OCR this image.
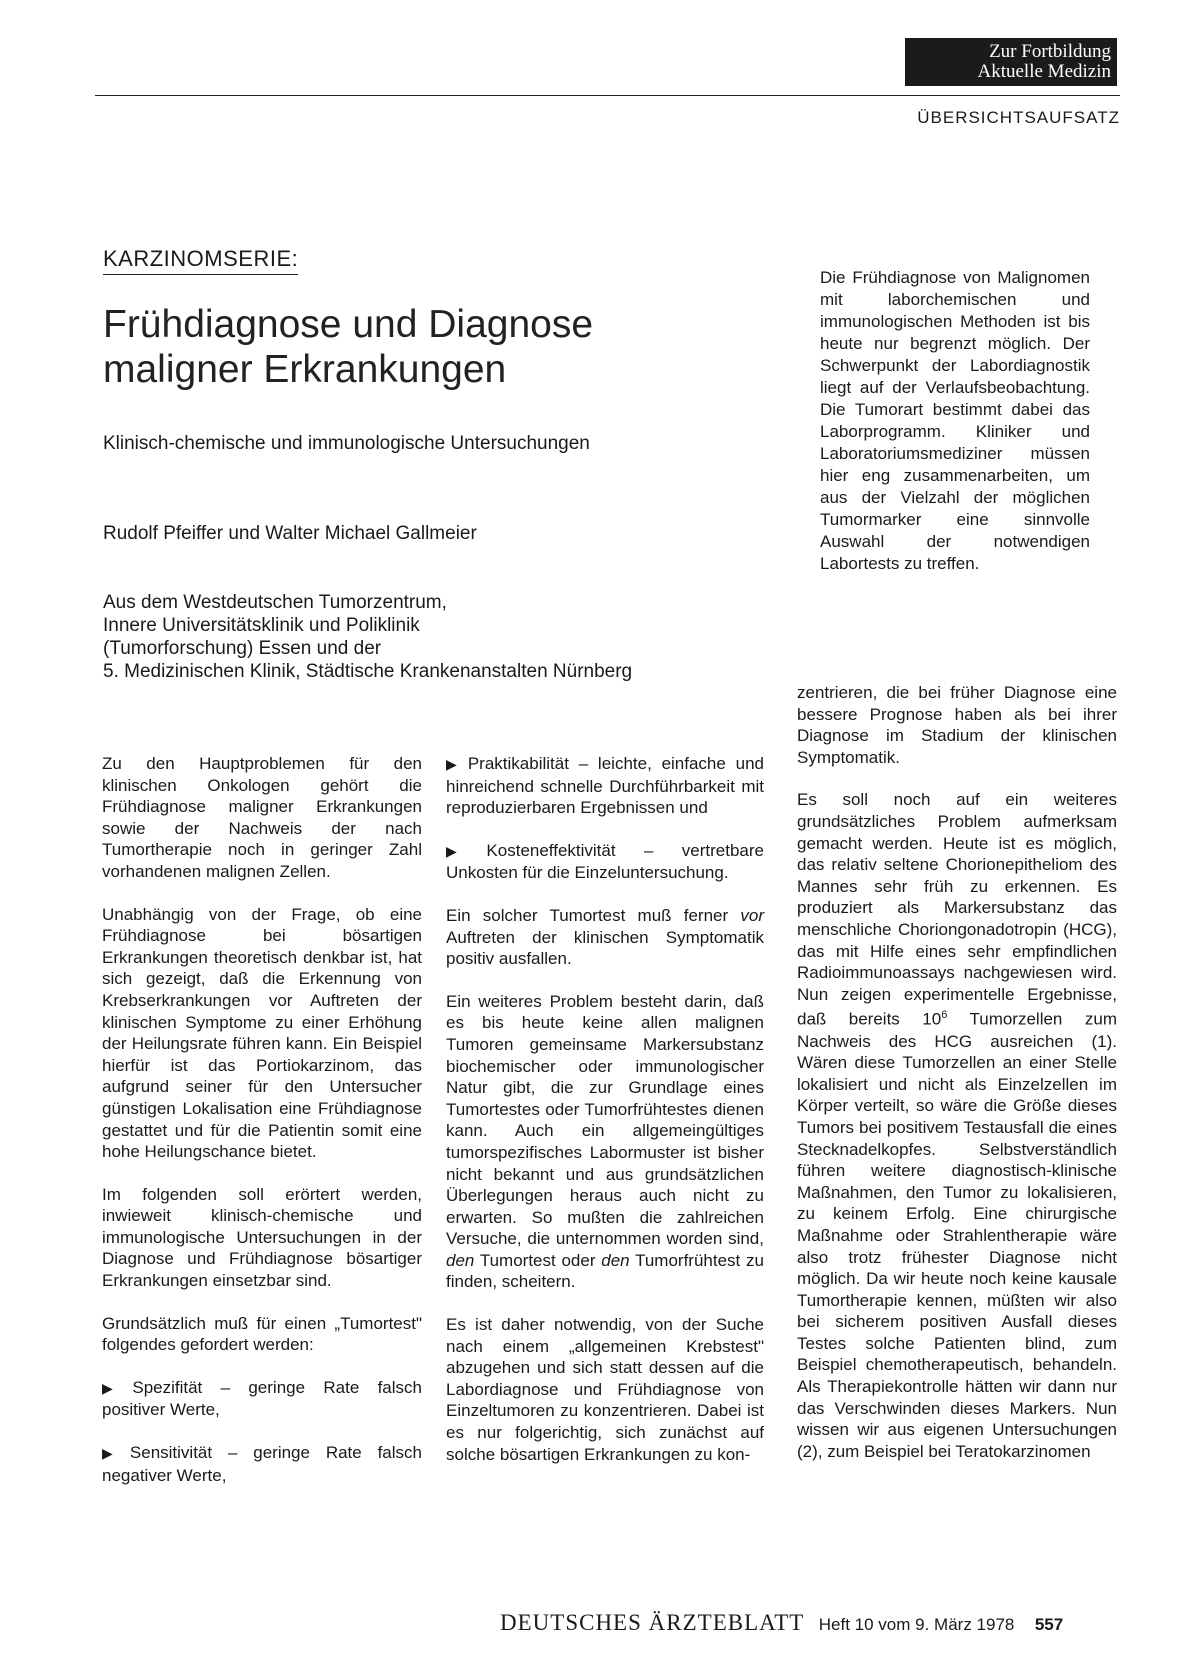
Zur Fortbildung
Aktuelle Medizin
ÜBERSICHTSAUFSATZ
KARZINOMSERIE:
Frühdiagnose und Diagnose
maligner Erkrankungen
Klinisch-chemische und immunologische Untersuchungen
Rudolf Pfeiffer und Walter Michael Gallmeier
Aus dem Westdeutschen Tumorzentrum,
Innere Universitätsklinik und Poliklinik
(Tumorforschung) Essen und der
5. Medizinischen Klinik, Städtische Krankenanstalten Nürnberg
Die Frühdiagnose von Malignomen mit laborchemischen und immunologischen Methoden ist bis heute nur begrenzt möglich. Der Schwerpunkt der Labordiagnostik liegt auf der Verlaufsbeobachtung. Die Tumorart bestimmt dabei das Laborprogramm. Kliniker und Laboratoriumsmediziner müssen hier eng zusammenarbeiten, um aus der Vielzahl der möglichen Tumormarker eine sinnvolle Auswahl der notwendigen Labortests zu treffen.

Zu den Hauptproblemen für den klinischen Onkologen gehört die Frühdiagnose maligner Erkrankungen sowie der Nachweis der nach Tumortherapie noch in geringer Zahl vorhandenen malignen Zellen.

Unabhängig von der Frage, ob eine Frühdiagnose bei bösartigen Erkrankungen theoretisch denkbar ist, hat sich gezeigt, daß die Erkennung von Krebserkrankungen vor Auftreten der klinischen Symptome zu einer Erhöhung der Heilungsrate führen kann. Ein Beispiel hierfür ist das Portiokarzinom, das aufgrund seiner für den Untersucher günstigen Lokalisation eine Frühdiagnose gestattet und für die Patientin somit eine hohe Heilungschance bietet.

Im folgenden soll erörtert werden, inwieweit klinisch-chemische und immunologische Untersuchungen in der Diagnose und Frühdiagnose bösartiger Erkrankungen einsetzbar sind.

Grundsätzlich muß für einen „Tumortest" folgendes gefordert werden:

▶ Spezifität – geringe Rate falsch positiver Werte,

▶ Sensitivität – geringe Rate falsch negativer Werte,

▶ Praktikabilität – leichte, einfache und hinreichend schnelle Durchführbarkeit mit reproduzierbaren Ergebnissen und

▶ Kosteneffektivität – vertretbare Unkosten für die Einzeluntersuchung.

Ein solcher Tumortest muß ferner vor Auftreten der klinischen Symptomatik positiv ausfallen.

Ein weiteres Problem besteht darin, daß es bis heute keine allen malignen Tumoren gemeinsame Markersubstanz biochemischer oder immunologischer Natur gibt, die zur Grundlage eines Tumortestes oder Tumorfrühtestes dienen kann. Auch ein allgemeingültiges tumorspezifisches Labormuster ist bisher nicht bekannt und aus grundsätzlichen Überlegungen heraus auch nicht zu erwarten. So mußten die zahlreichen Versuche, die unternommen worden sind, den Tumortest oder den Tumorfrühtest zu finden, scheitern.

Es ist daher notwendig, von der Suche nach einem „allgemeinen Krebstest" abzugehen und sich statt dessen auf die Labordiagnose und Frühdiagnose von Einzeltumoren zu konzentrieren. Dabei ist es nur folgerichtig, sich zunächst auf solche bösartigen Erkrankungen zu kon-

zentrieren, die bei früher Diagnose eine bessere Prognose haben als bei ihrer Diagnose im Stadium der klinischen Symptomatik.

Es soll noch auf ein weiteres grundsätzliches Problem aufmerksam gemacht werden. Heute ist es möglich, das relativ seltene Chorionepitheliom des Mannes sehr früh zu erkennen. Es produziert als Markersubstanz das menschliche Choriongonadotropin (HCG), das mit Hilfe eines sehr empfindlichen Radioimmunoassays nachgewiesen wird. Nun zeigen experimentelle Ergebnisse, daß bereits $10^6$ Tumorzellen zum Nachweis des HCG ausreichen (1). Wären diese Tumorzellen an einer Stelle lokalisiert und nicht als Einzelzellen im Körper verteilt, so wäre die Größe dieses Tumors bei positivem Testausfall die eines Stecknadelkopfes. Selbstverständlich führen weitere diagnostisch-klinische Maßnahmen, den Tumor zu lokalisieren, zu keinem Erfolg. Eine chirurgische Maßnahme oder Strahlentherapie wäre also trotz frühester Diagnose nicht möglich. Da wir heute noch keine kausale Tumortherapie kennen, müßten wir also bei sicherem positiven Ausfall dieses Testes solche Patienten blind, zum Beispiel chemotherapeutisch, behandeln. Als Therapiekontrolle hätten wir dann nur das Verschwinden dieses Markers. Nun wissen wir aus eigenen Untersuchungen (2), zum Beispiel bei Teratokarzinomen

DEUTSCHES ÄRZTEBLATT Heft 10 vom 9. März 1978 557
